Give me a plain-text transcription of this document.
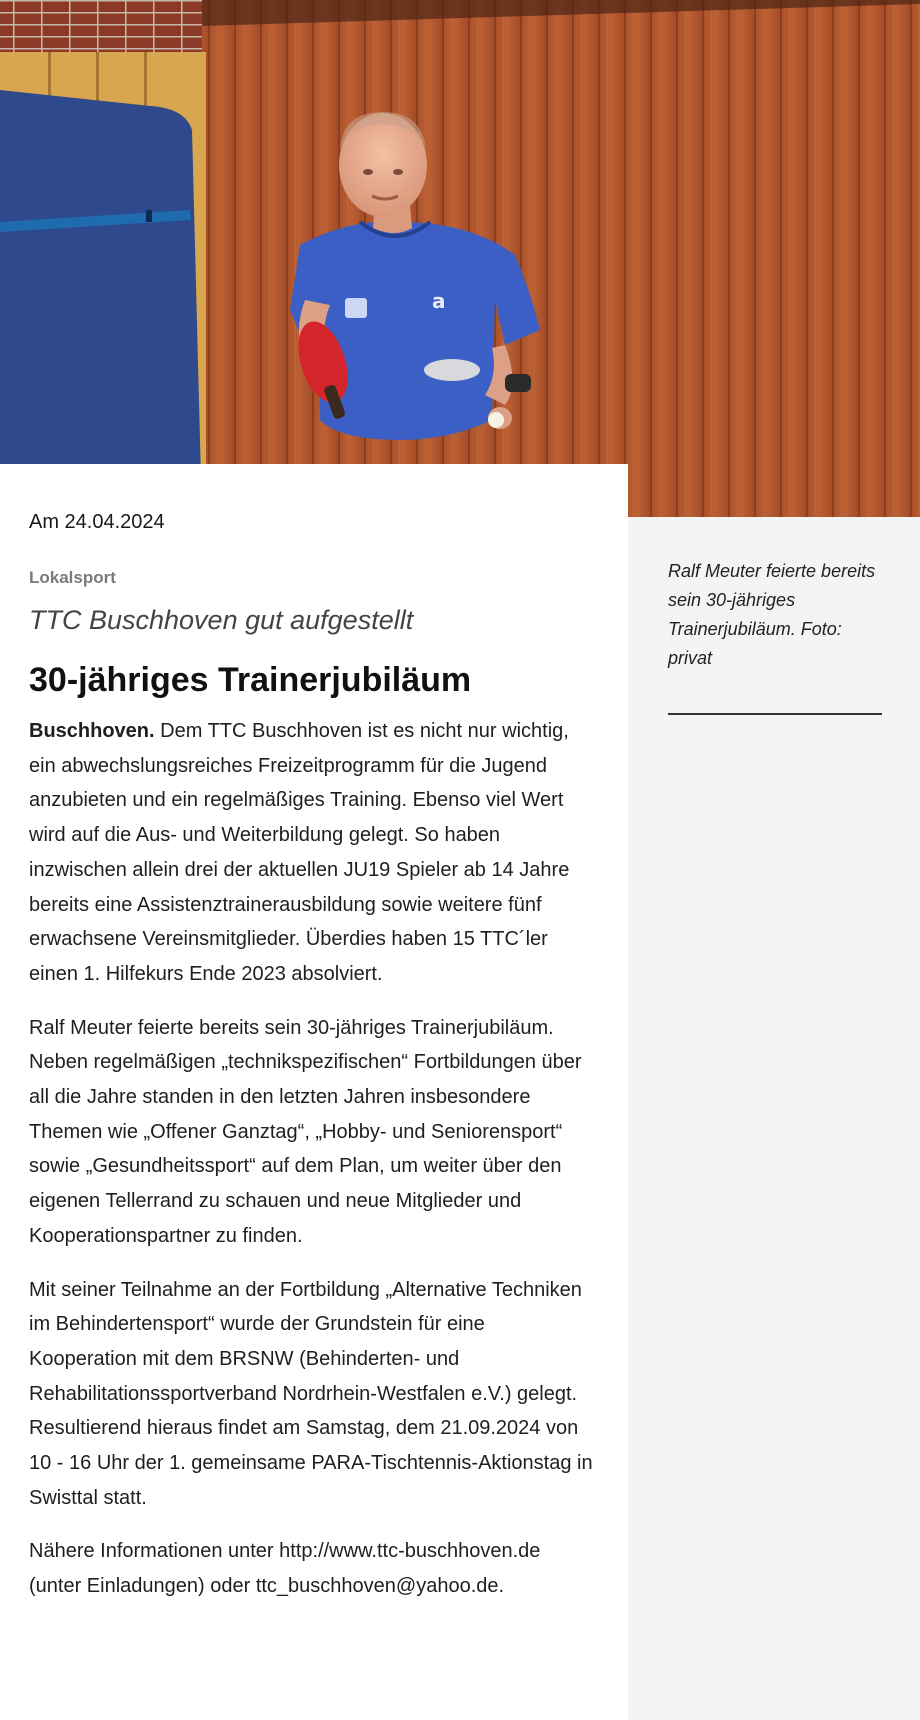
a

Ralf Meuter feierte bereits sein 30-jähriges Trainerjubiläum. Foto: privat

Am 24.04.2024
Lokalsport
TTC Buschhoven gut aufgestellt
30-jähriges Trainerjubiläum

Buschhoven. Dem TTC Buschhoven ist es nicht nur wichtig, ein abwechslungsreiches Freizeitprogramm für die Jugend anzubieten und ein regelmäßiges Training. Ebenso viel Wert wird auf die Aus- und Weiterbildung gelegt. So haben inzwischen allein drei der aktuellen JU19 Spieler ab 14 Jahre bereits eine Assistenztrainerausbildung sowie weitere fünf erwachsene Vereinsmitglieder. Überdies haben 15 TTC´ler einen 1. Hilfekurs Ende 2023 absolviert.

Ralf Meuter feierte bereits sein 30-jähriges Trainerjubiläum. Neben regelmäßigen „technikspezifischen“ Fortbildungen über all die Jahre standen in den letzten Jahren insbesondere Themen wie „Offener Ganztag“, „Hobby- und Seniorensport“ sowie „Gesundheitssport“ auf dem Plan, um weiter über den eigenen Tellerrand zu schauen und neue Mitglieder und Kooperationspartner zu finden.

Mit seiner Teilnahme an der Fortbildung „Alternative Techniken im Behindertensport“ wurde der Grundstein für eine Kooperation mit dem BRSNW (Behinderten- und Rehabilitationssportverband Nordrhein-Westfalen e.V.) gelegt. Resultierend hieraus findet am Samstag, dem 21.09.2024 von 10 - 16 Uhr der 1. gemeinsame PARA-Tischtennis-Aktionstag in Swisttal statt.

Nähere Informationen unter http://www.ttc-buschhoven.de (unter Einladungen) oder ttc_buschhoven@yahoo.de.
